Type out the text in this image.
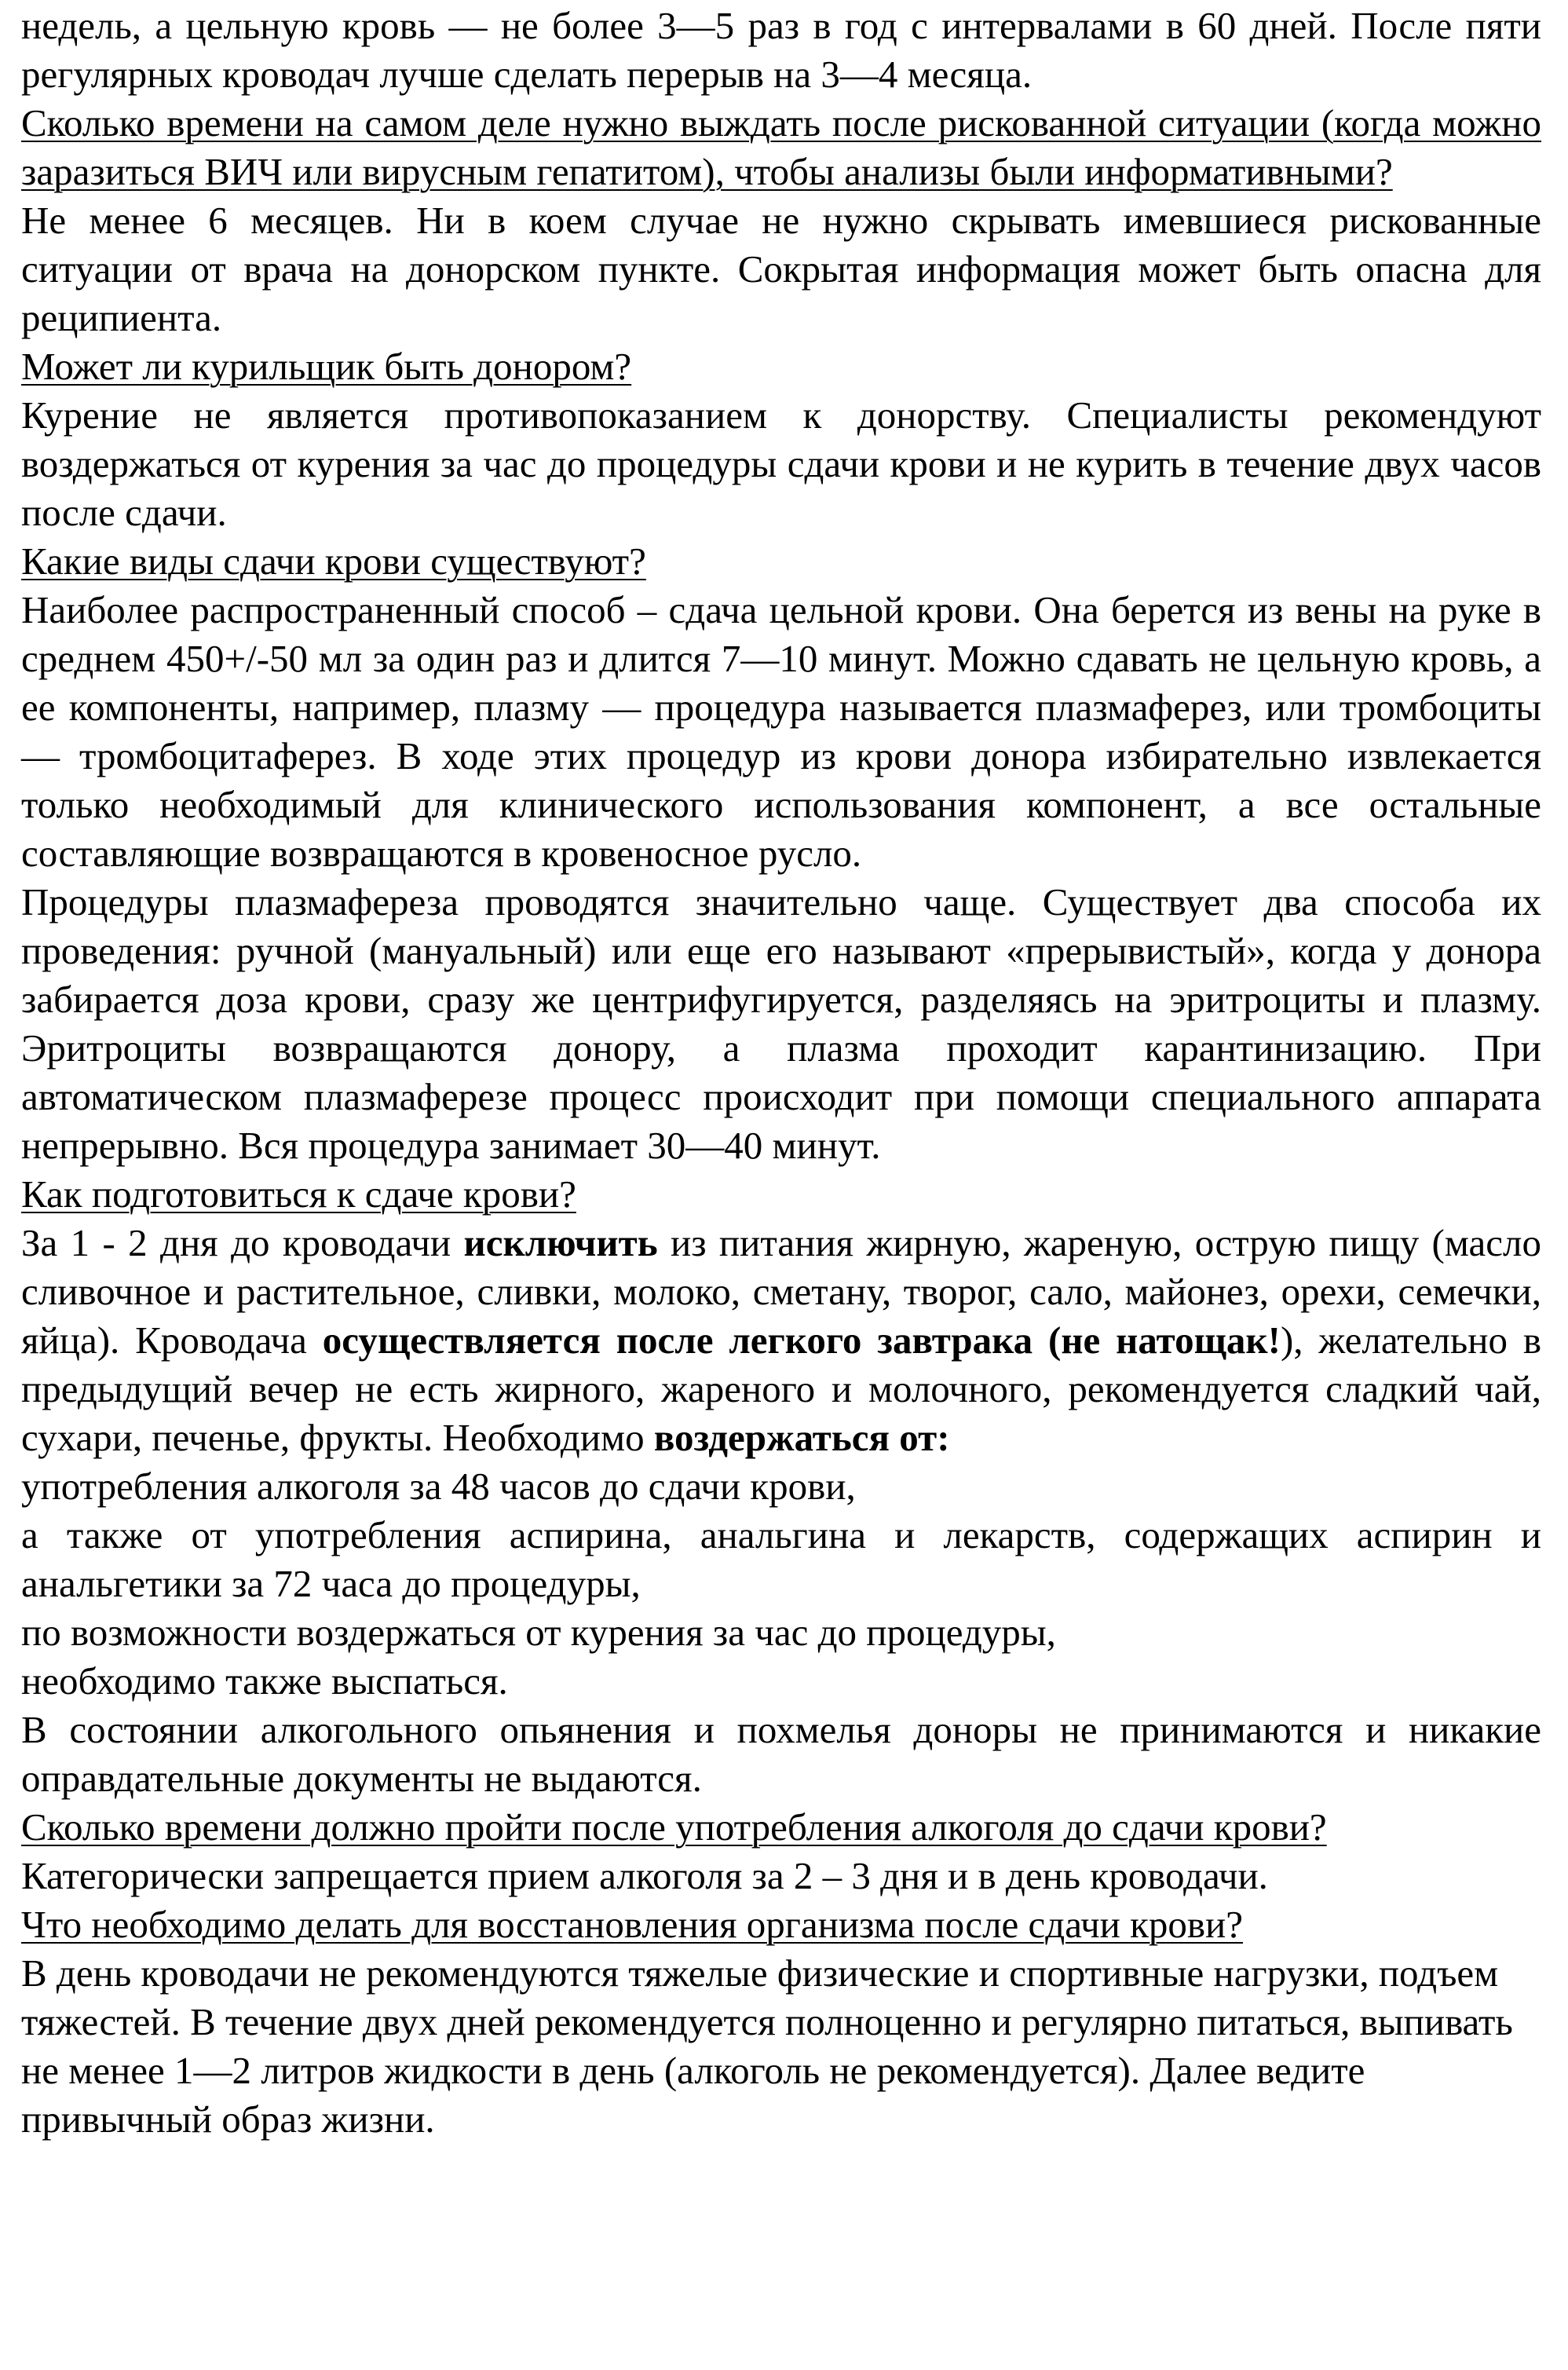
недель, а цельную кровь — не более 3—5 раз в год с интервалами в 60 дней. После пяти регулярных кроводач лучше сделать перерыв на 3—4 месяца.

Сколько времени на самом деле нужно выждать после рискованной ситуации (когда можно заразиться ВИЧ или вирусным гепатитом), чтобы анализы были информативными?

Не менее 6 месяцев. Ни в коем случае не нужно скрывать имевшиеся рискованные ситуации от врача на донорском пункте. Сокрытая информация может быть опасна для реципиента.

Может ли курильщик быть донором?

Курение не является противопоказанием к донорству. Специалисты рекомендуют воздержаться от курения за час до процедуры сдачи крови и не курить в течение двух часов после сдачи.

Какие виды сдачи крови существуют?

Наиболее распространенный способ – сдача цельной крови. Она берется из вены на руке в среднем 450+/-50 мл за один раз и длится 7—10 минут. Можно сдавать не цельную кровь, а ее компоненты, например, плазму — процедура называется плазмаферез, или тромбоциты — тромбоцитаферез. В ходе этих процедур из крови донора избирательно извлекается только необходимый для клинического использования компонент, а все остальные составляющие возвращаются в кровеносное русло.

Процедуры плазмафереза проводятся значительно чаще. Существует два способа их проведения: ручной (мануальный) или еще его называют «прерывистый», когда у донора забирается доза крови, сразу же центрифугируется, разделяясь на эритроциты и плазму. Эритроциты возвращаются донору, а плазма проходит карантинизацию. При автоматическом плазмаферезе процесс происходит при помощи специального аппарата непрерывно. Вся процедура занимает 30—40 минут.

Как подготовиться к сдаче крови?

За 1 - 2 дня до кроводачи исключить из питания жирную, жареную, острую пищу (масло сливочное и растительное, сливки, молоко, сметану, творог, сало, майонез, орехи, семечки, яйца). Кроводача осуществляется после легкого завтрака (не натощак!), желательно в предыдущий вечер не есть жирного, жареного и молочного, рекомендуется сладкий чай, сухари, печенье, фрукты. Необходимо воздержаться от:

употребления алкоголя за 48 часов до сдачи крови,

а также от употребления аспирина, анальгина и лекарств, содержащих аспирин и анальгетики за 72 часа до процедуры,

по возможности воздержаться от курения за час до процедуры,

необходимо также выспаться.

В состоянии алкогольного опьянения и похмелья доноры не принимаются и никакие оправдательные документы не выдаются.

Сколько времени должно пройти после употребления алкоголя до сдачи крови?

Категорически запрещается прием алкоголя за 2 – 3 дня и в день кроводачи.

Что необходимо делать для восстановления организма после сдачи крови?

В день кроводачи не рекомендуются тяжелые физические и спортивные нагрузки, подъем тяжестей. В течение двух дней рекомендуется полноценно и регулярно питаться, выпивать не менее 1—2 литров жидкости в день (алкоголь не рекомендуется). Далее ведите привычный образ жизни.
